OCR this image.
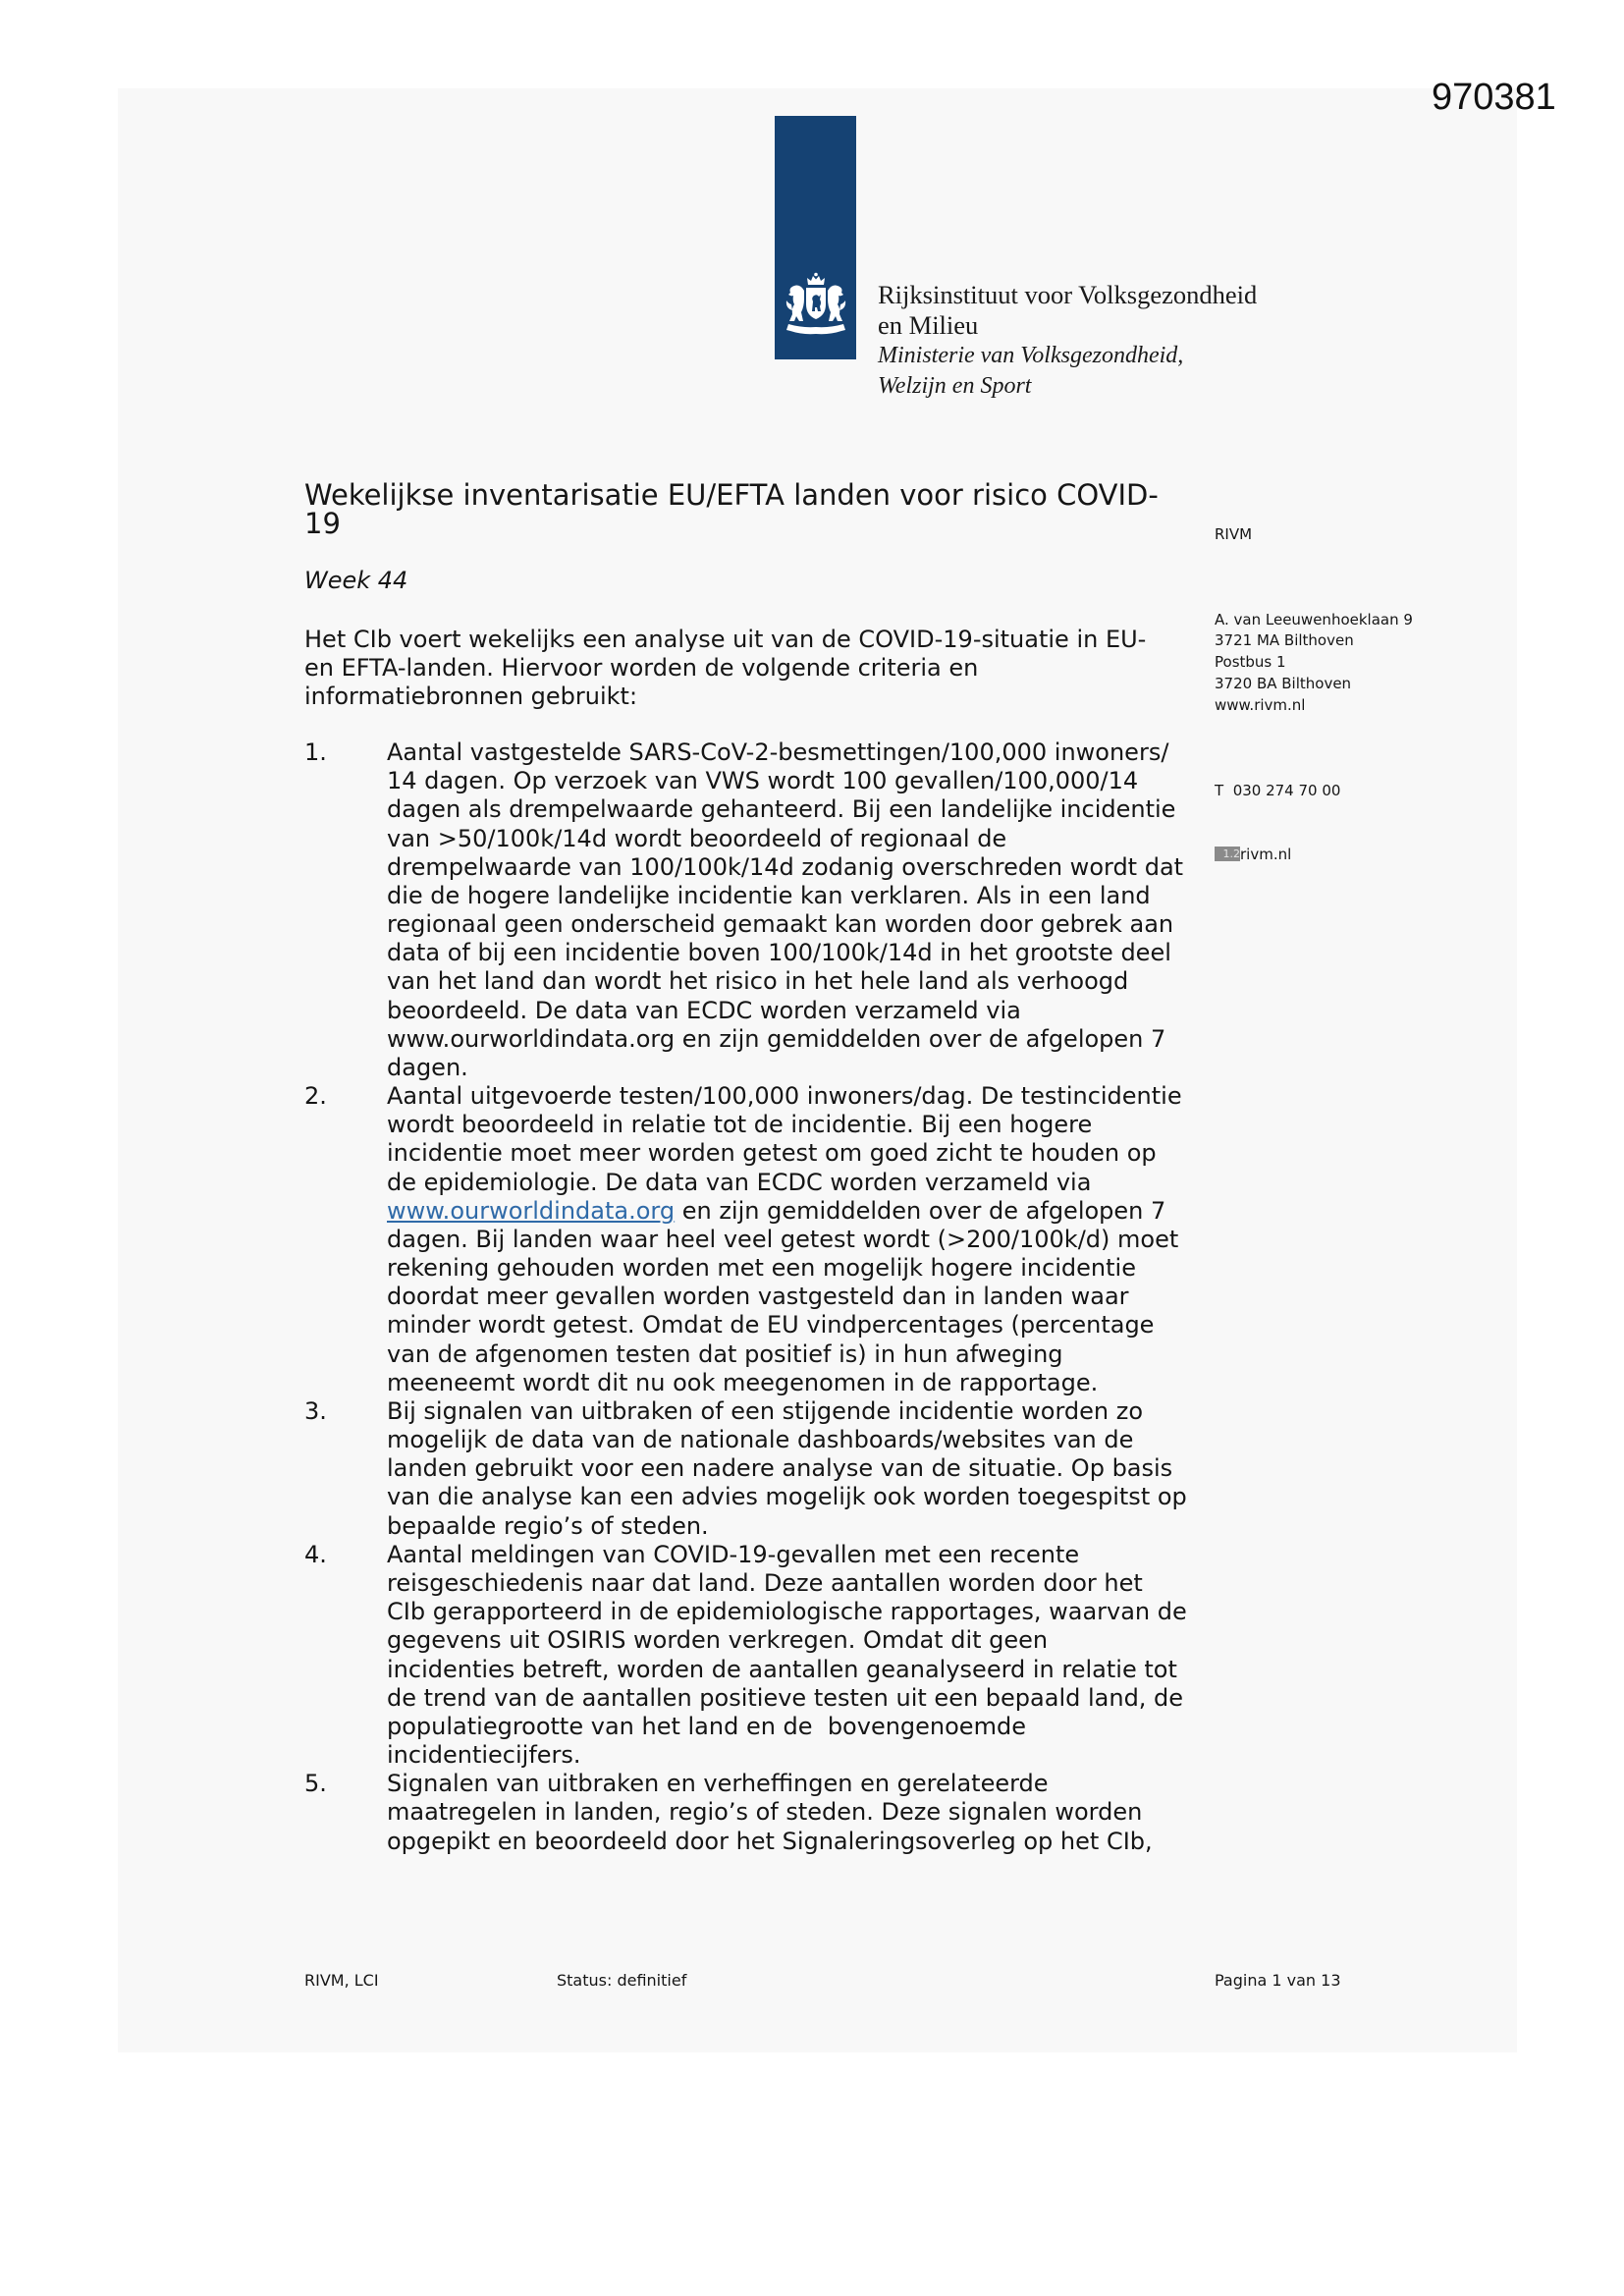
970381
Rijksinstituut voor Volksgezondheid
en Milieu
Ministerie van Volksgezondheid,
Welzijn en Sport
Wekelijkse inventarisatie EU/EFTA landen voor risico COVID-
19
Week 44
Het CIb voert wekelijks een analyse uit van de COVID-19-situatie in EU-
en EFTA-landen. Hiervoor worden de volgende criteria en
informatiebronnen gebruikt:
1.	Aantal vastgestelde SARS-CoV-2-besmettingen/100,000 inwoners/
14 dagen. Op verzoek van VWS wordt 100 gevallen/100,000/14
dagen als drempelwaarde gehanteerd. Bij een landelijke incidentie
van >50/100k/14d wordt beoordeeld of regionaal de
drempelwaarde van 100/100k/14d zodanig overschreden wordt dat
die de hogere landelijke incidentie kan verklaren. Als in een land
regionaal geen onderscheid gemaakt kan worden door gebrek aan
data of bij een incidentie boven 100/100k/14d in het grootste deel
van het land dan wordt het risico in het hele land als verhoogd
beoordeeld. De data van ECDC worden verzameld via
www.ourworldindata.org en zijn gemiddelden over de afgelopen 7
dagen.
2.	Aantal uitgevoerde testen/100,000 inwoners/dag. De testincidentie
wordt beoordeeld in relatie tot de incidentie. Bij een hogere
incidentie moet meer worden getest om goed zicht te houden op
de epidemiologie. De data van ECDC worden verzameld via
www.ourworldindata.org en zijn gemiddelden over de afgelopen 7
dagen. Bij landen waar heel veel getest wordt (>200/100k/d) moet
rekening gehouden worden met een mogelijk hogere incidentie
doordat meer gevallen worden vastgesteld dan in landen waar
minder wordt getest. Omdat de EU vindpercentages (percentage
van de afgenomen testen dat positief is) in hun afweging
meeneemt wordt dit nu ook meegenomen in de rapportage.
3.	Bij signalen van uitbraken of een stijgende incidentie worden zo
mogelijk de data van de nationale dashboards/websites van de
landen gebruikt voor een nadere analyse van de situatie. Op basis
van die analyse kan een advies mogelijk ook worden toegespitst op
bepaalde regio’s of steden.
4.	Aantal meldingen van COVID-19-gevallen met een recente
reisgeschiedenis naar dat land. Deze aantallen worden door het
CIb gerapporteerd in de epidemiologische rapportages, waarvan de
gegevens uit OSIRIS worden verkregen. Omdat dit geen
incidenties betreft, worden de aantallen geanalyseerd in relatie tot
de trend van de aantallen positieve testen uit een bepaald land, de
populatiegrootte van het land en de  bovengenoemde
incidentiecijfers.
5.	Signalen van uitbraken en verheffingen en gerelateerde
maatregelen in landen, regio’s of steden. Deze signalen worden
opgepikt en beoordeeld door het Signaleringsoverleg op het CIb,

RIVM

A. van Leeuwenhoeklaan 9
3721 MA Bilthoven
Postbus 1
3720 BA Bilthoven
www.rivm.nl

T  030 274 70 00

1.2rivm.nl

RIVM, LCI	Status: definitief	Pagina 1 van 13
